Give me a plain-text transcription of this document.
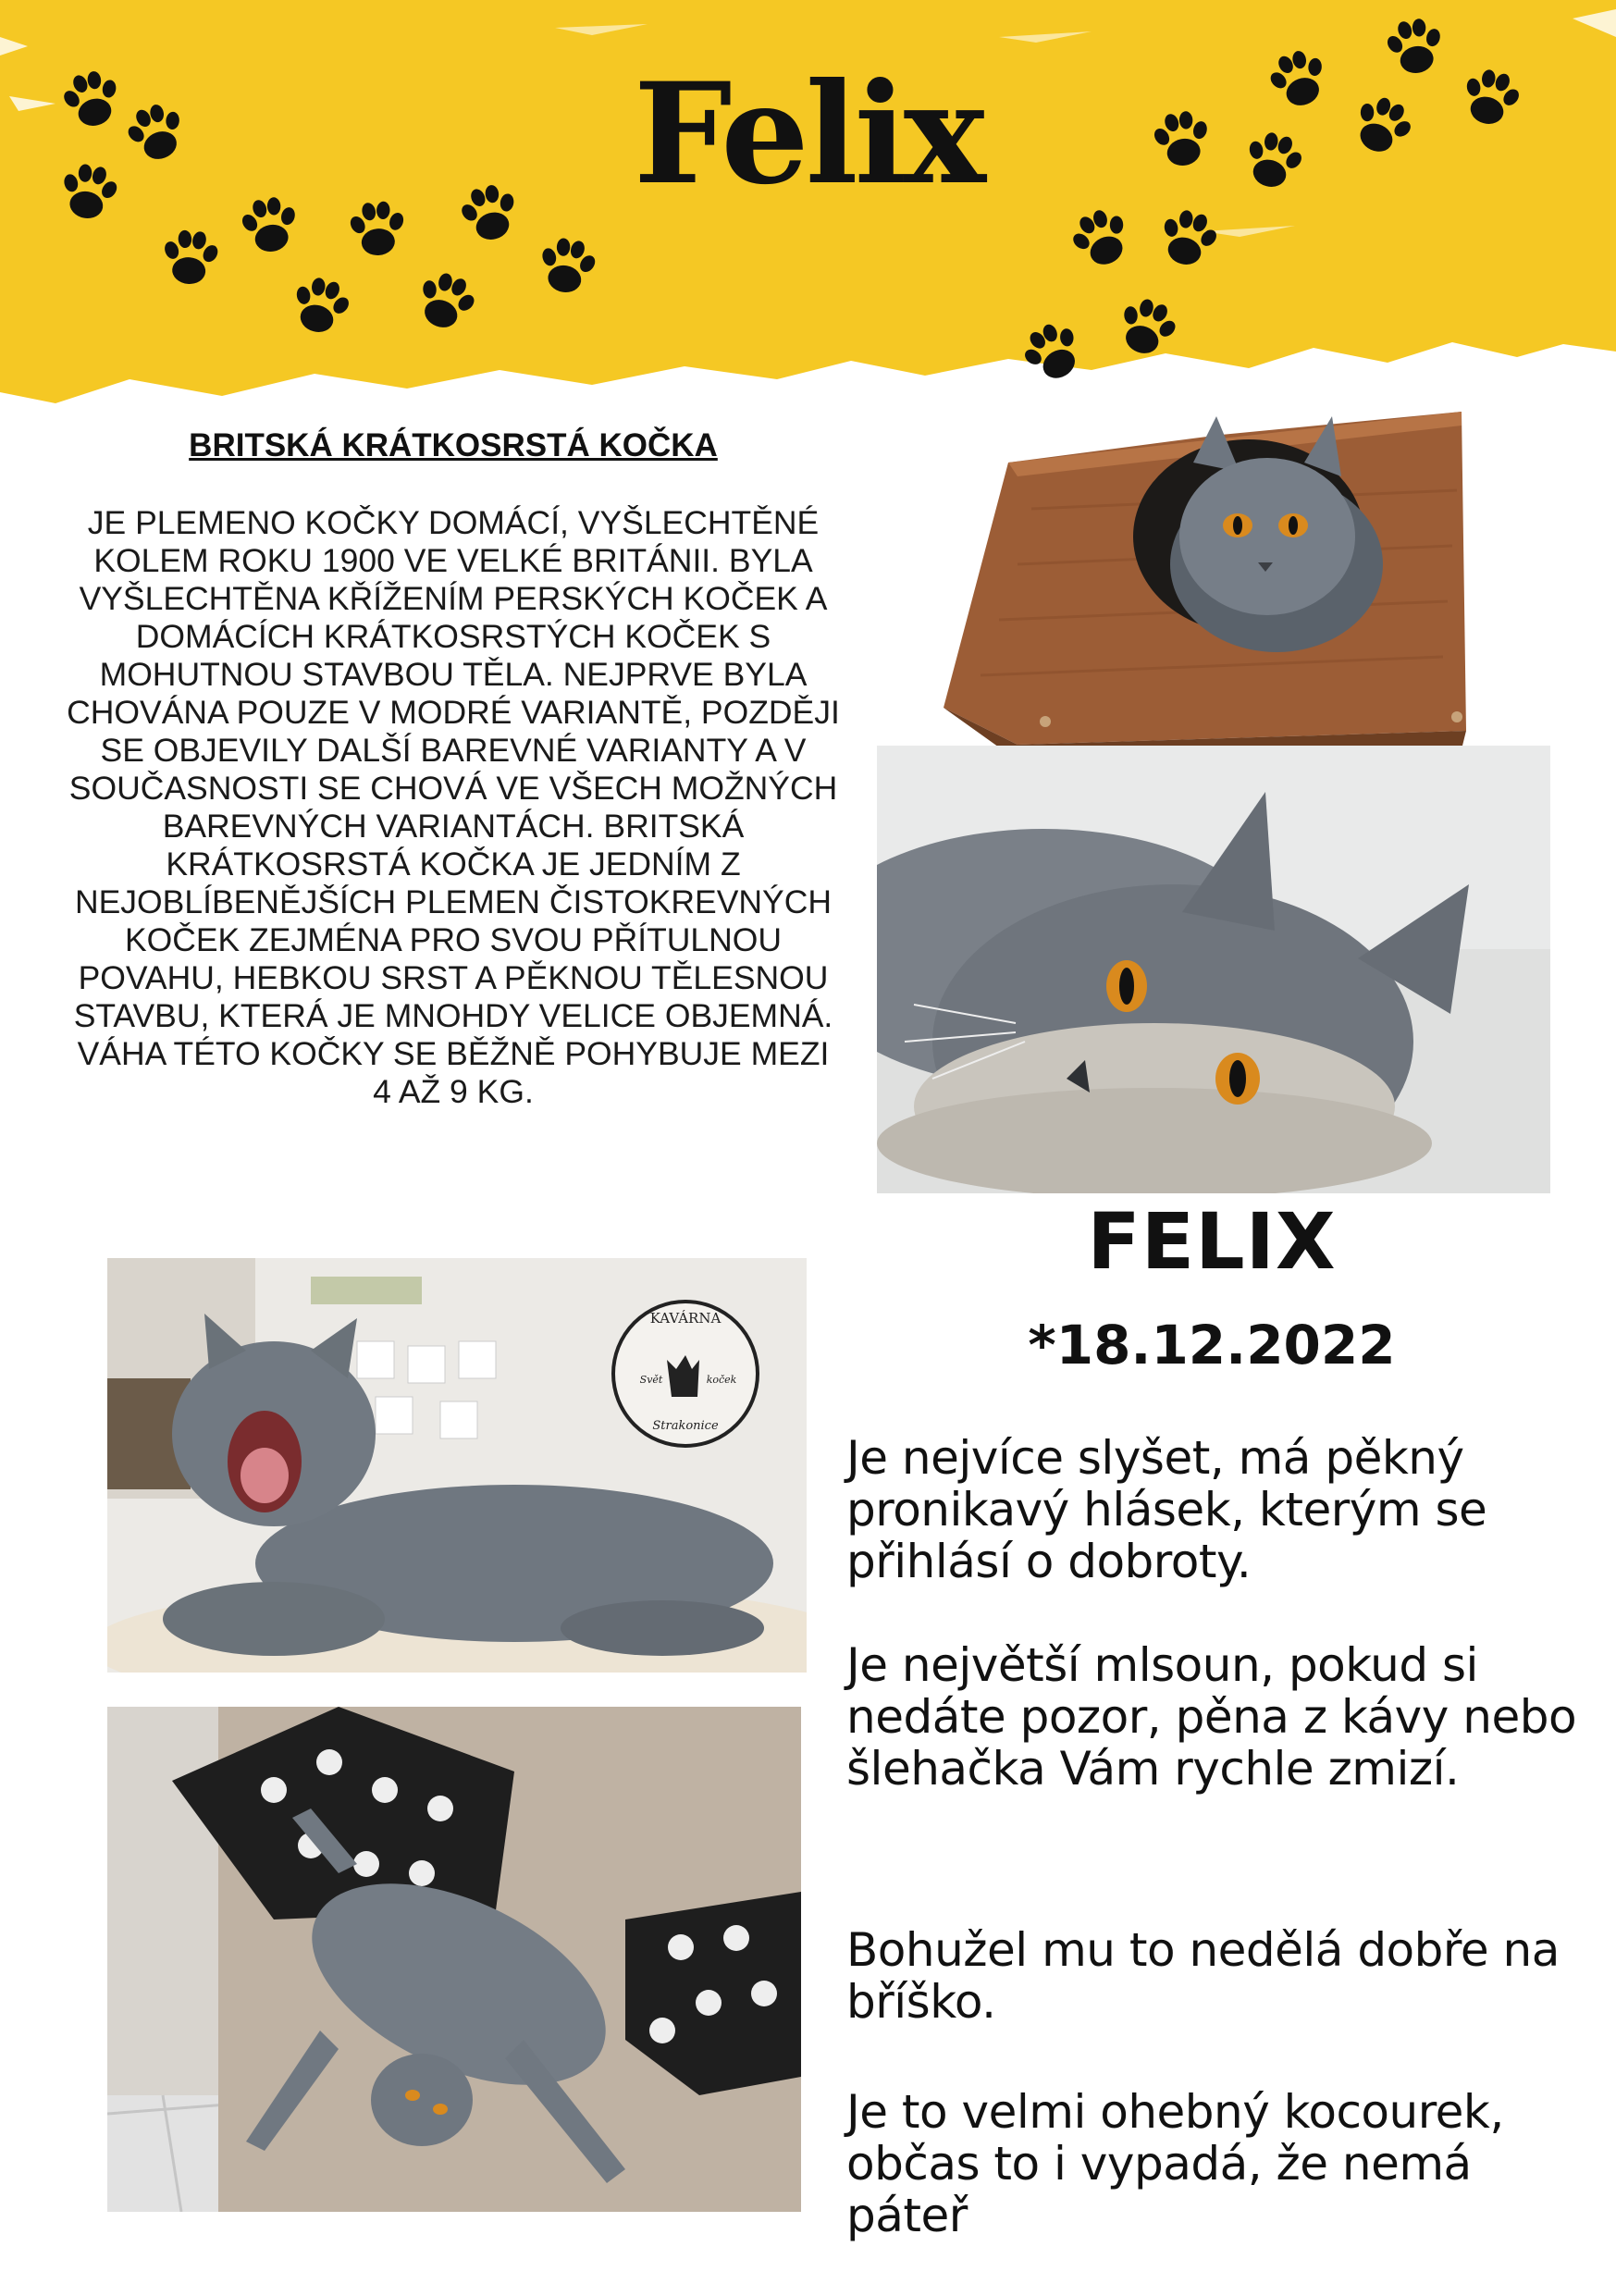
Felix
BRITSKÁ KRÁTKOSRSTÁ KOČKA

JE PLEMENO KOČKY DOMÁCÍ, VYŠLECHTĚNÉ KOLEM ROKU 1900 VE VELKÉ BRITÁNII. BYLA VYŠLECHTĚNA KŘÍŽENÍM PERSKÝCH KOČEK A DOMÁCÍCH KRÁTKOSRSTÝCH KOČEK S MOHUTNOU STAVBOU TĚLA. NEJPRVE BYLA CHOVÁNA POUZE V MODRÉ VARIANTĚ, POZDĚJI SE OBJEVILY DALŠÍ BAREVNÉ VARIANTY A V SOUČASNOSTI SE CHOVÁ VE VŠECH MOŽNÝCH BAREVNÝCH VARIANTÁCH. BRITSKÁ KRÁTKOSRSTÁ KOČKA JE JEDNÍM Z NEJOBLÍBENĚJŠÍCH PLEMEN ČISTOKREVNÝCH KOČEK ZEJMÉNA PRO SVOU PŘÍTULNOU POVAHU, HEBKOU SRST A PĚKNOU TĚLESNOU STAVBU, KTERÁ JE MNOHDY VELICE OBJEMNÁ. VÁHA TÉTO KOČKY SE BĚŽNĚ POHYBUJE MEZI 4 AŽ 9 KG.

KAVÁRNA
Svět	koček
Strakonice
FELIX
*18.12.2022

Je nejvíce slyšet, má pěkný pronikavý hlásek, kterým se přihlásí o dobroty.

Je největší mlsoun, pokud si nedáte pozor, pěna z kávy nebo šlehačka Vám rychle zmizí.

Bohužel mu to nedělá dobře na bříško.

Je to velmi ohebný kocourek, občas to i vypadá, že nemá páteř
